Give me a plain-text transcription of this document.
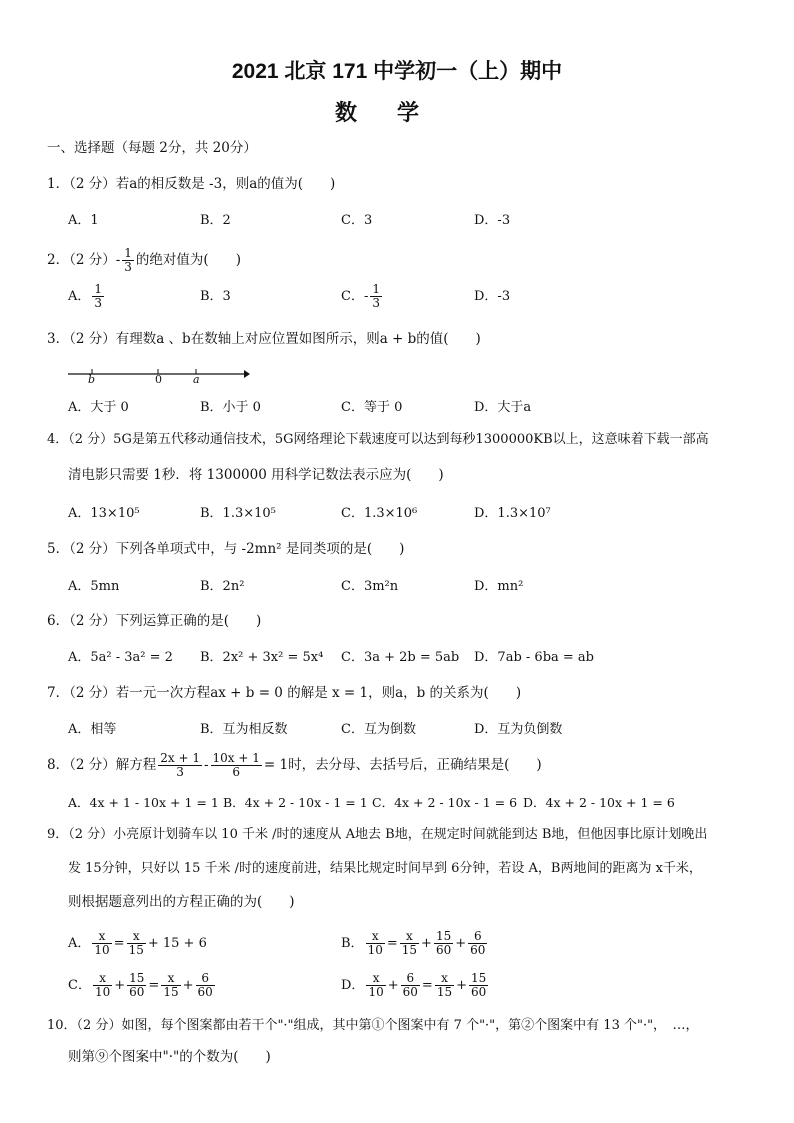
2021 北京 171 中学初一（上）期中
数学
一、选择题（每题 2分，共 20分）
1．（2 分）若a的相反数是 -3，则a的值为(　　)
A．1	B．2	C．3	D．-3
2．（2 分）- $\frac{1}{3}$ 的绝对值为(　　)
A． $\frac{1}{3}$	B．3	C．- $\frac{1}{3}$	D．-3
3．（2 分）有理数a 、b在数轴上对应位置如图所示，则a + b的值(　　)
b	0	a
A．大于 0	B．小于 0	C．等于 0	D．大于a
4．（2 分）5G是第五代移动通信技术，5G网络理论下载速度可以达到每秒1300000KB以上，这意味着下载一部高
清电影只需要 1秒．将 1300000 用科学记数法表示应为(　　)
A．13×10⁵	B．1.3×10⁵	C．1.3×10⁶	D．1.3×10⁷
5．（2 分）下列各单项式中，与 -2mn² 是同类项的是(　　)
A．5mn	B．2n²	C．3m²n	D．mn²
6．（2 分）下列运算正确的是(　　)
A．5a² - 3a² = 2 B．2x² + 3x² = 5x⁴ C．3a + 2b = 5ab D．7ab - 6ba = ab
7．（2 分）若一元一次方程ax + b = 0 的解是 x = 1，则a，b 的关系为(　　)
A．相等	B．互为相反数	C．互为倒数	D．互为负倒数
8．（2 分）解方程 $\frac{2x + 1}{3} - \frac{10x + 1}{6} = 1$时，去分母、去括号后，正确结果是(　　)
A．4x + 1 - 10x + 1 = 1 B．4x + 2 - 10x - 1 = 1 C．4x + 2 - 10x - 1 = 6 D．4x + 2 - 10x + 1 = 6
9．（2 分）小亮原计划骑车以 10 千米 /时的速度从 A地去 B地，在规定时间就能到达 B地，但他因事比原计划晚出
发 15分钟，只好以 15 千米 /时的速度前进，结果比规定时间早到 6分钟，若设 A，B两地间的距离为 x千米，
则根据题意列出的方程正确的为(　　)
A． $\frac{x}{10} = \frac{x}{15} + 15 + 6$	B． $\frac{x}{10} = \frac{x}{15} + \frac{15}{60} + \frac{6}{60}$
C． $\frac{x}{10} + \frac{15}{60} = \frac{x}{15} + \frac{6}{60}$	D． $\frac{x}{10} + \frac{6}{60} = \frac{x}{15} + \frac{15}{60}$
10．（2 分）如图，每个图案都由若干个"·"组成，其中第①个图案中有 7 个"·"，第②个图案中有 13 个"·"，　…，
则第⑨个图案中"·"的个数为(　　)
